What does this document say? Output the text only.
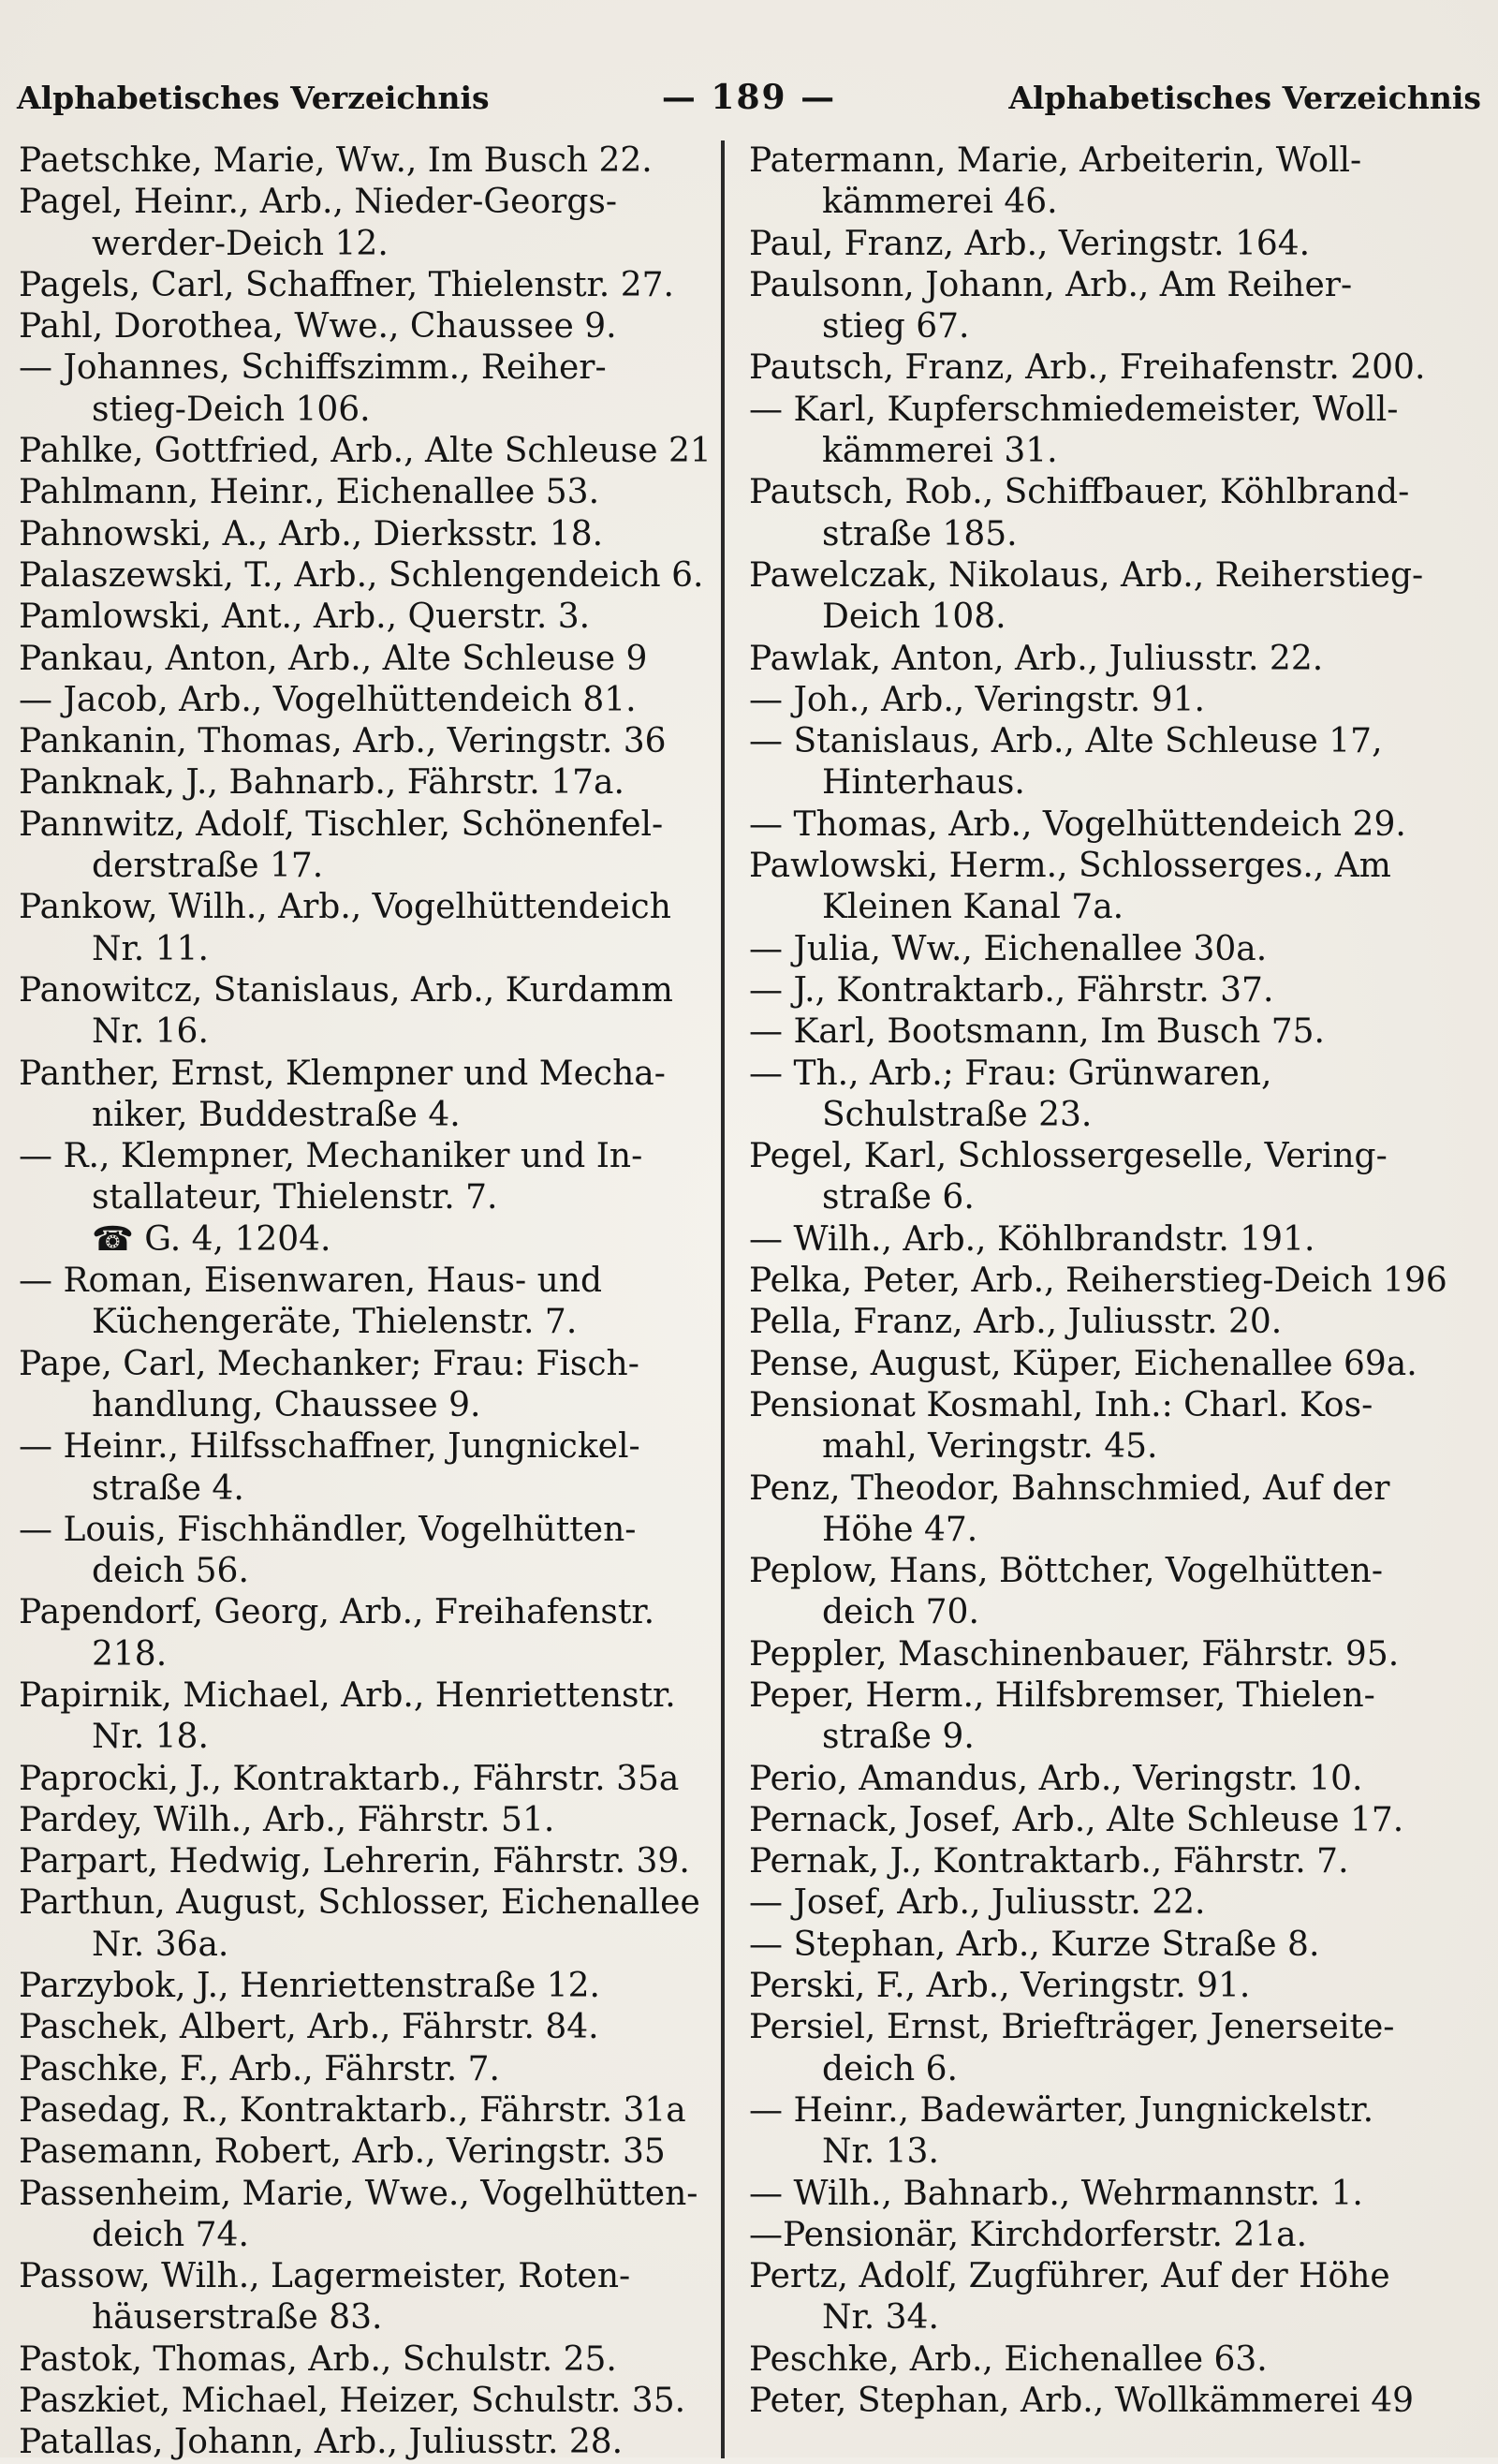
Alphabetisches Verzeichnis	— 189 —	Alphabetisches Verzeichnis
Paetschke, Marie, Ww., Im Busch 22.
Pagel, Heinr., Arb., Nieder-Georgs-
werder-Deich 12.
Pagels, Carl, Schaffner, Thielenstr. 27.
Pahl, Dorothea, Wwe., Chaussee 9.
— Johannes, Schiffszimm., Reiher-
stieg-Deich 106.
Pahlke, Gottfried, Arb., Alte Schleuse 21
Pahlmann, Heinr., Eichenallee 53.
Pahnowski, A., Arb., Dierksstr. 18.
Palaszewski, T., Arb., Schlengendeich 6.
Pamlowski, Ant., Arb., Querstr. 3.
Pankau, Anton, Arb., Alte Schleuse 9
— Jacob, Arb., Vogelhüttendeich 81.
Pankanin, Thomas, Arb., Veringstr. 36
Panknak, J., Bahnarb., Fährstr. 17a.
Pannwitz, Adolf, Tischler, Schönenfel-
derstraße 17.
Pankow, Wilh., Arb., Vogelhüttendeich
Nr. 11.
Panowitcz, Stanislaus, Arb., Kurdamm
Nr. 16.
Panther, Ernst, Klempner und Mecha-
niker, Buddestraße 4.
— R., Klempner, Mechaniker und In-
stallateur, Thielenstr. 7.
☎ G. 4, 1204.
— Roman, Eisenwaren, Haus- und
Küchengeräte, Thielenstr. 7.
Pape, Carl, Mechanker; Frau: Fisch-
handlung, Chaussee 9.
— Heinr., Hilfsschaffner, Jungnickel-
straße 4.
— Louis, Fischhändler, Vogelhütten-
deich 56.
Papendorf, Georg, Arb., Freihafenstr.
218.
Papirnik, Michael, Arb., Henriettenstr.
Nr. 18.
Paprocki, J., Kontraktarb., Fährstr. 35a
Pardey, Wilh., Arb., Fährstr. 51.
Parpart, Hedwig, Lehrerin, Fährstr. 39.
Parthun, August, Schlosser, Eichenallee
Nr. 36a.
Parzybok, J., Henriettenstraße 12.
Paschek, Albert, Arb., Fährstr. 84.
Paschke, F., Arb., Fährstr. 7.
Pasedag, R., Kontraktarb., Fährstr. 31a
Pasemann, Robert, Arb., Veringstr. 35
Passenheim, Marie, Wwe., Vogelhütten-
deich 74.
Passow, Wilh., Lagermeister, Roten-
häuserstraße 83.
Pastok, Thomas, Arb., Schulstr. 25.
Paszkiet, Michael, Heizer, Schulstr. 35.
Patallas, Johann, Arb., Juliusstr. 28.
Patermann, Marie, Arbeiterin, Woll-
kämmerei 46.
Paul, Franz, Arb., Veringstr. 164.
Paulsonn, Johann, Arb., Am Reiher-
stieg 67.
Pautsch, Franz, Arb., Freihafenstr. 200.
— Karl, Kupferschmiedemeister, Woll-
kämmerei 31.
Pautsch, Rob., Schiffbauer, Köhlbrand-
straße 185.
Pawelczak, Nikolaus, Arb., Reiherstieg-
Deich 108.
Pawlak, Anton, Arb., Juliusstr. 22.
— Joh., Arb., Veringstr. 91.
— Stanislaus, Arb., Alte Schleuse 17,
Hinterhaus.
— Thomas, Arb., Vogelhüttendeich 29.
Pawlowski, Herm., Schlosserges., Am
Kleinen Kanal 7a.
— Julia, Ww., Eichenallee 30a.
— J., Kontraktarb., Fährstr. 37.
— Karl, Bootsmann, Im Busch 75.
— Th., Arb.; Frau: Grünwaren,
Schulstraße 23.
Pegel, Karl, Schlossergeselle, Vering-
straße 6.
— Wilh., Arb., Köhlbrandstr. 191.
Pelka, Peter, Arb., Reiherstieg-Deich 196
Pella, Franz, Arb., Juliusstr. 20.
Pense, August, Küper, Eichenallee 69a.
Pensionat Kosmahl, Inh.: Charl. Kos-
mahl, Veringstr. 45.
Penz, Theodor, Bahnschmied, Auf der
Höhe 47.
Peplow, Hans, Böttcher, Vogelhütten-
deich 70.
Peppler, Maschinenbauer, Fährstr. 95.
Peper, Herm., Hilfsbremser, Thielen-
straße 9.
Perio, Amandus, Arb., Veringstr. 10.
Pernack, Josef, Arb., Alte Schleuse 17.
Pernak, J., Kontraktarb., Fährstr. 7.
— Josef, Arb., Juliusstr. 22.
— Stephan, Arb., Kurze Straße 8.
Perski, F., Arb., Veringstr. 91.
Persiel, Ernst, Briefträger, Jenerseite-
deich 6.
— Heinr., Badewärter, Jungnickelstr.
Nr. 13.
— Wilh., Bahnarb., Wehrmannstr. 1.
—Pensionär, Kirchdorferstr. 21a.
Pertz, Adolf, Zugführer, Auf der Höhe
Nr. 34.
Peschke, Arb., Eichenallee 63.
Peter, Stephan, Arb., Wollkämmerei 49
